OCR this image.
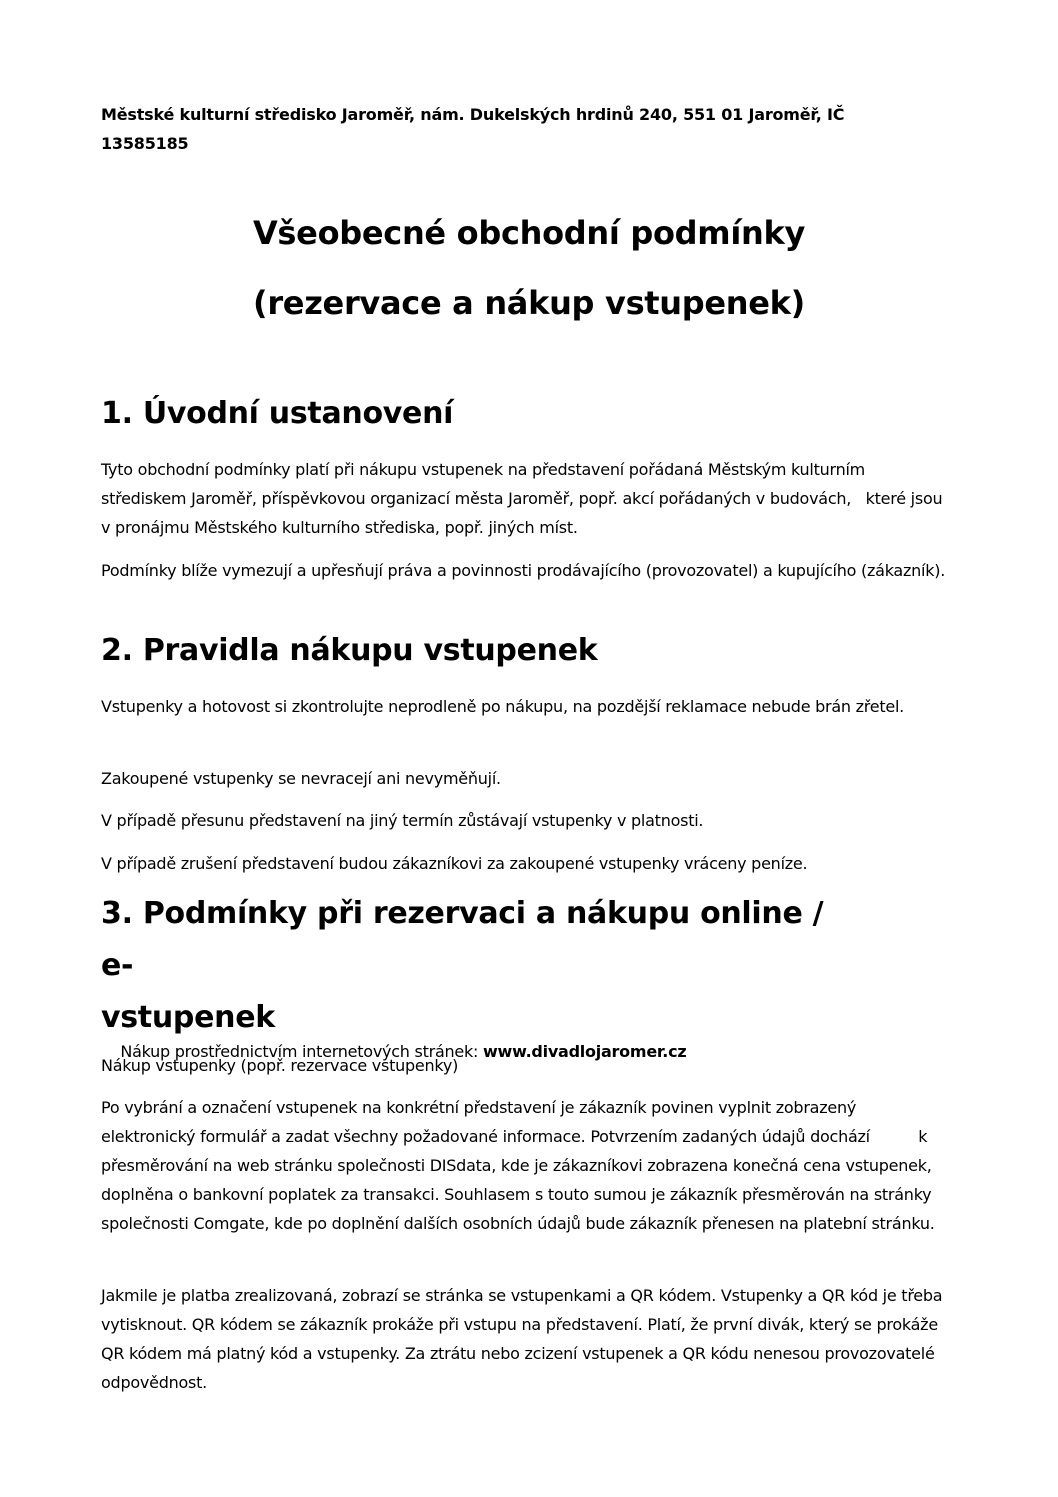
Městské kulturní středisko Jaroměř, nám. Dukelských hrdinů 240, 551 01 Jaroměř, IČ 13585185
Všeobecné obchodní podmínky
(rezervace a nákup vstupenek)
1. Úvodní ustanovení

Tyto obchodní podmínky platí při nákupu vstupenek na představení pořádaná Městským kulturním střediskem Jaroměř, příspěvkovou organizací města Jaroměř, popř. akcí pořádaných v budovách,   které jsou v pronájmu Městského kulturního střediska, popř. jiných míst.

Podmínky blíže vymezují a upřesňují práva a povinnosti prodávajícího (provozovatel) a kupujícího (zákazník).

2. Pravidla nákupu vstupenek

Vstupenky a hotovost si zkontrolujte neprodleně po nákupu, na pozdější reklamace nebude brán zřetel.

Zakoupené vstupenky se nevracejí ani nevyměňují.

V případě přesunu představení na jiný termín zůstávají vstupenky v platnosti.

V případě zrušení představení budou zákazníkovi za zakoupené vstupenky vráceny peníze.

3. Podmínky při rezervaci a nákupu online / e-
vstupenek

Nákup prostřednictvím internetových stránek: www.divadlojaromer.cz

Nákup vstupenky (popř. rezervace vstupenky)

Po vybrání a označení vstupenek na konkrétní představení je zákazník povinen vyplnit zobrazený elektronický formulář a zadat všechny požadované informace. Potvrzením zadaných údajů dochází          k přesměrování na web stránku společnosti DISdata, kde je zákazníkovi zobrazena konečná cena vstupenek, doplněna o bankovní poplatek za transakci. Souhlasem s touto sumou je zákazník přesměrován na stránky společnosti Comgate, kde po doplnění dalších osobních údajů bude zákazník přenesen na platební stránku.

Jakmile je platba zrealizovaná, zobrazí se stránka se vstupenkami a QR kódem. Vstupenky a QR kód je třeba vytisknout. QR kódem se zákazník prokáže při vstupu na představení. Platí, že první divák, který se prokáže QR kódem má platný kód a vstupenky. Za ztrátu nebo zcizení vstupenek a QR kódu nenesou provozovatelé odpovědnost.
